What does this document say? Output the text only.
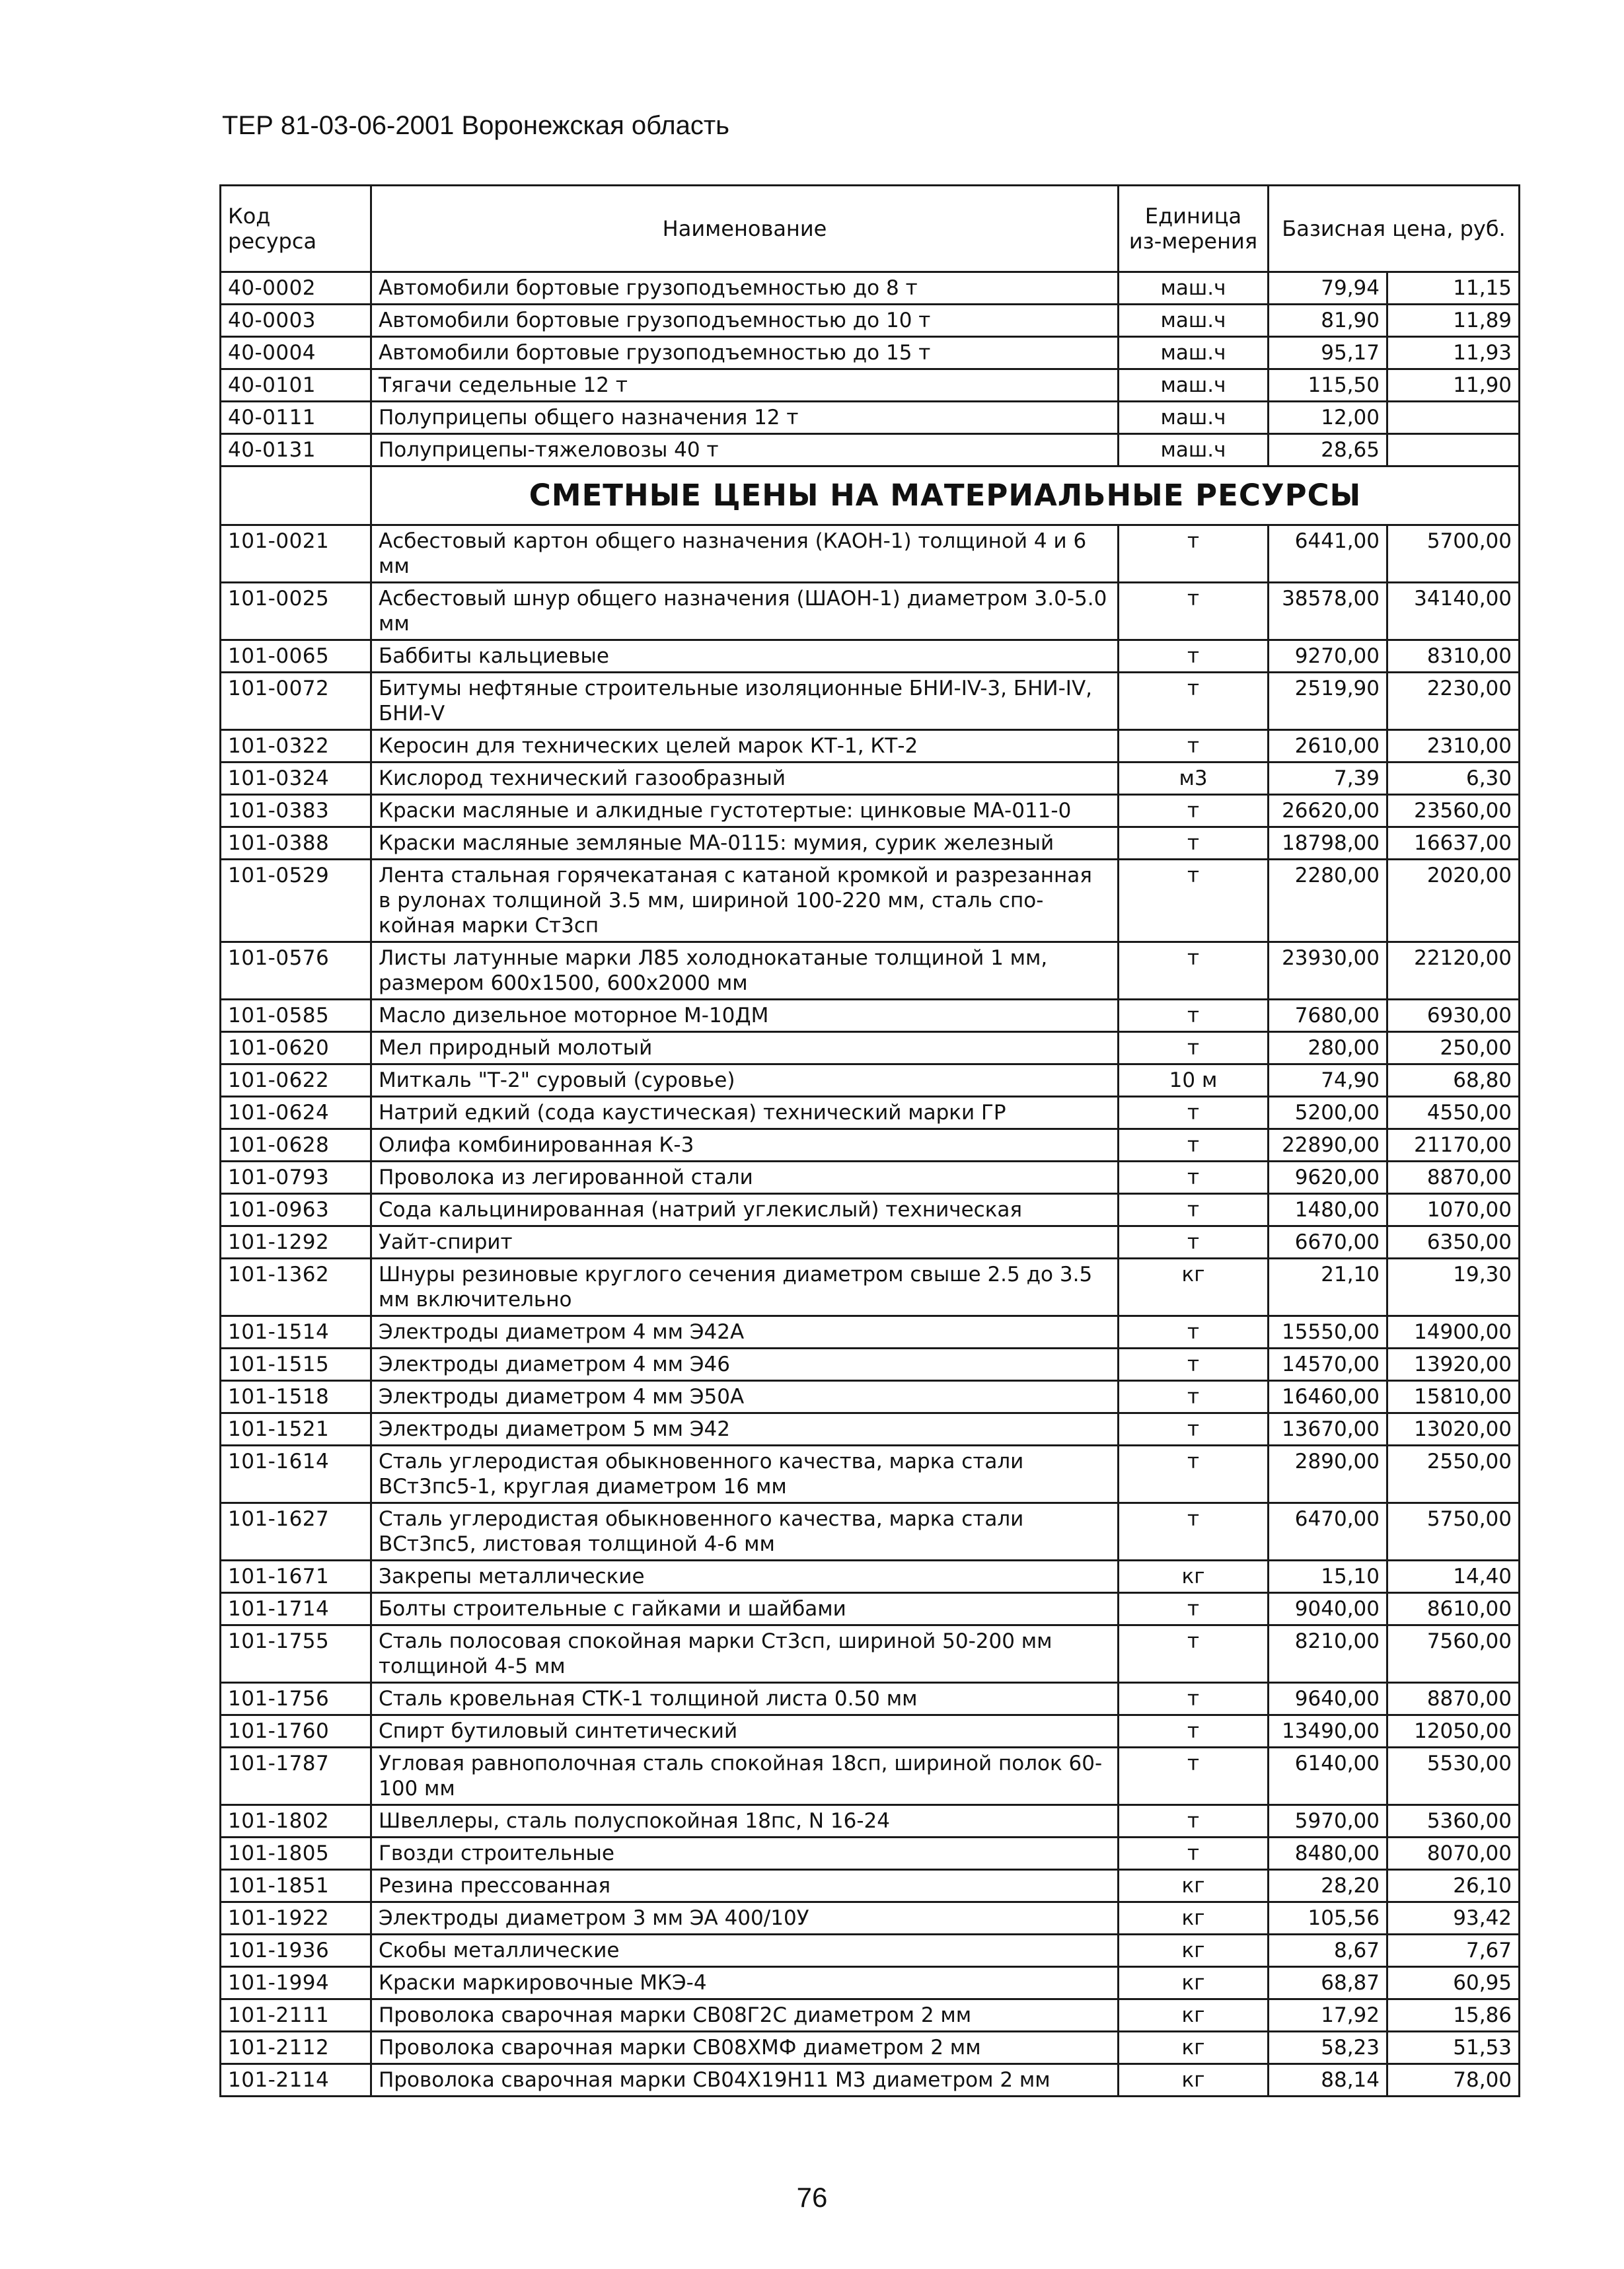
ТЕР 81-03-06-2001 Воронежская область
Код ресурса	Наименование	Единица из-мерения	Базисная цена, руб.	
40-0002	Автомобили бортовые грузоподъемностью до 8 т	маш.ч	79,94	11,15
40-0003	Автомобили бортовые грузоподъемностью до 10 т	маш.ч	81,90	11,89
40-0004	Автомобили бортовые грузоподъемностью до 15 т	маш.ч	95,17	11,93
40-0101	Тягачи седельные 12 т	маш.ч	115,50	11,90
40-0111	Полуприцепы общего назначения 12 т	маш.ч	12,00	
40-0131	Полуприцепы-тяжеловозы 40 т	маш.ч	28,65	
	СМЕТНЫЕ ЦЕНЫ НА МАТЕРИАЛЬНЫЕ РЕСУРСЫ			
101-0021	Асбестовый картон общего назначения (КАОН-1) толщиной 4 и 6 мм	т	6441,00	5700,00
101-0025	Асбестовый шнур общего назначения (ШАОН-1) диаметром 3.0-5.0 мм	т	38578,00	34140,00
101-0065	Баббиты кальциевые	т	9270,00	8310,00
101-0072	Битумы нефтяные строительные изоляционные БНИ-IV-3, БНИ-IV, БНИ-V	т	2519,90	2230,00
101-0322	Керосин для технических целей марок КТ-1, КТ-2	т	2610,00	2310,00
101-0324	Кислород технический газообразный	м3	7,39	6,30
101-0383	Краски масляные и алкидные густотертые: цинковые МА-011-0	т	26620,00	23560,00
101-0388	Краски масляные земляные МА-0115: мумия, сурик железный	т	18798,00	16637,00
101-0529	Лента стальная горячекатаная с катаной кромкой и разрезанная в рулонах толщиной 3.5 мм, шириной 100-220 мм, сталь спо-койная марки Ст3сп	т	2280,00	2020,00
101-0576	Листы латунные марки Л85 холоднокатаные толщиной 1 мм, размером 600x1500, 600x2000 мм	т	23930,00	22120,00
101-0585	Масло дизельное моторное М-10ДМ	т	7680,00	6930,00
101-0620	Мел природный молотый	т	280,00	250,00
101-0622	Миткаль "Т-2" суровый (суровье)	10 м	74,90	68,80
101-0624	Натрий едкий (сода каустическая) технический марки ГР	т	5200,00	4550,00
101-0628	Олифа комбинированная К-3	т	22890,00	21170,00
101-0793	Проволока из легированной стали	т	9620,00	8870,00
101-0963	Сода кальцинированная (натрий углекислый) техническая	т	1480,00	1070,00
101-1292	Уайт-спирит	т	6670,00	6350,00
101-1362	Шнуры резиновые круглого сечения диаметром свыше 2.5 до 3.5 мм включительно	кг	21,10	19,30
101-1514	Электроды диаметром 4 мм Э42А	т	15550,00	14900,00
101-1515	Электроды диаметром 4 мм Э46	т	14570,00	13920,00
101-1518	Электроды диаметром 4 мм Э50А	т	16460,00	15810,00
101-1521	Электроды диаметром 5 мм Э42	т	13670,00	13020,00
101-1614	Сталь углеродистая обыкновенного качества, марка стали ВСт3пс5-1, круглая диаметром 16 мм	т	2890,00	2550,00
101-1627	Сталь углеродистая обыкновенного качества, марка стали ВСт3пс5, листовая толщиной 4-6 мм	т	6470,00	5750,00
101-1671	Закрепы металлические	кг	15,10	14,40
101-1714	Болты строительные с гайками и шайбами	т	9040,00	8610,00
101-1755	Сталь полосовая спокойная марки Ст3сп, шириной 50-200 мм толщиной 4-5 мм	т	8210,00	7560,00
101-1756	Сталь кровельная СТК-1 толщиной листа 0.50 мм	т	9640,00	8870,00
101-1760	Спирт бутиловый синтетический	т	13490,00	12050,00
101-1787	Угловая равнополочная сталь спокойная 18сп, шириной полок 60-100 мм	т	6140,00	5530,00
101-1802	Швеллеры, сталь полуспокойная 18пс, N 16-24	т	5970,00	5360,00
101-1805	Гвозди строительные	т	8480,00	8070,00
101-1851	Резина прессованная	кг	28,20	26,10
101-1922	Электроды диаметром 3 мм ЭА 400/10У	кг	105,56	93,42
101-1936	Скобы металлические	кг	8,67	7,67
101-1994	Краски маркировочные МКЭ-4	кг	68,87	60,95
101-2111	Проволока сварочная марки СВ08Г2С диаметром 2 мм	кг	17,92	15,86
101-2112	Проволока сварочная марки СВ08ХМФ диаметром 2 мм	кг	58,23	51,53
101-2114	Проволока сварочная марки СВ04Х19Н11 М3 диаметром 2 мм	кг	88,14	78,00
76
